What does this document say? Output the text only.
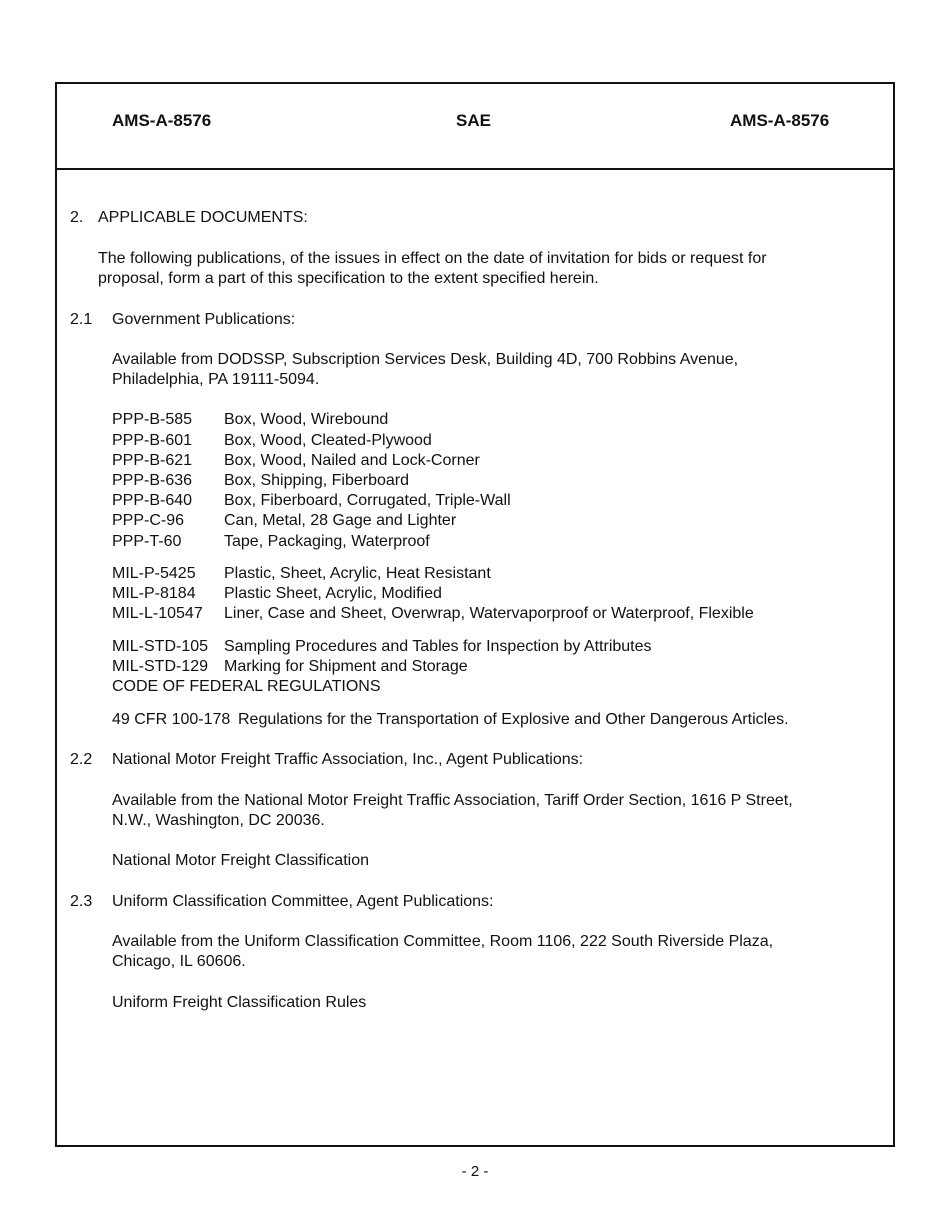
AMS-A-8576	SAE	AMS-A-8576
2. APPLICABLE DOCUMENTS:
The following publications, of the issues in effect on the date of invitation for bids or request for
proposal, form a part of this specification to the extent specified herein.
2.1 Government Publications:
Available from DODSSP, Subscription Services Desk, Building 4D, 700 Robbins Avenue,
Philadelphia, PA 19111-5094.
PPP-B-585 Box, Wood, Wirebound
PPP-B-601 Box, Wood, Cleated-Plywood
PPP-B-621 Box, Wood, Nailed and Lock-Corner
PPP-B-636 Box, Shipping, Fiberboard
PPP-B-640 Box, Fiberboard, Corrugated, Triple-Wall
PPP-C-96 Can, Metal, 28 Gage and Lighter
PPP-T-60	Tape, Packaging, Waterproof
MIL-P-5425 Plastic, Sheet, Acrylic, Heat Resistant
MIL-P-8184 Plastic Sheet, Acrylic, Modified
MIL-L-10547 Liner, Case and Sheet, Overwrap, Watervaporproof or Waterproof, Flexible
MIL-STD-105 Sampling Procedures and Tables for Inspection by Attributes
MIL-STD-129 Marking for Shipment and Storage
CODE OF FEDERAL REGULATIONS
49 CFR 100-178 Regulations for the Transportation of Explosive and Other Dangerous Articles.
2.2 National Motor Freight Traffic Association, Inc., Agent Publications:
Available from the National Motor Freight Traffic Association, Tariff Order Section, 1616 P Street,
N.W., Washington, DC 20036.
National Motor Freight Classification
2.3 Uniform Classification Committee, Agent Publications:
Available from the Uniform Classification Committee, Room 1106, 222 South Riverside Plaza,
Chicago, IL 60606.
Uniform Freight Classification Rules
- 2 -
